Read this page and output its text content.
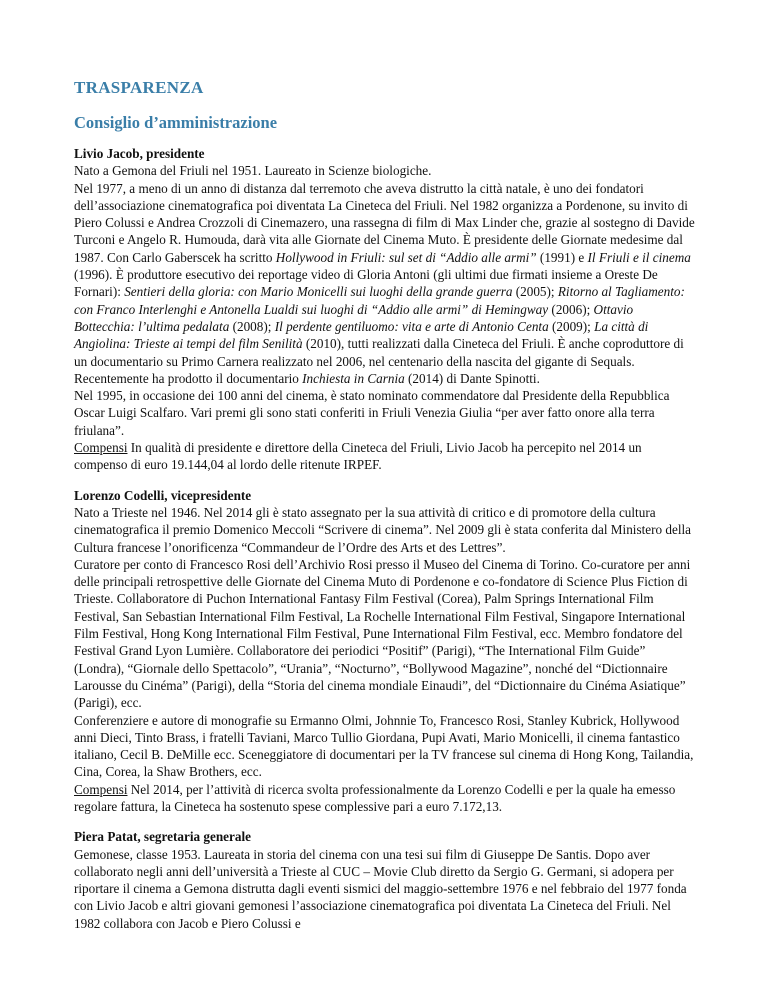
TRASPARENZA
Consiglio d’amministrazione

Livio Jacob, presidente

Nato a Gemona del Friuli nel 1951. Laureato in Scienze biologiche.

Nel 1977, a meno di un anno di distanza dal terremoto che aveva distrutto la città natale, è uno dei fondatori dell’associazione cinematografica poi diventata La Cineteca del Friuli. Nel 1982 organizza a Pordenone, su invito di Piero Colussi e Andrea Crozzoli di Cinemazero, una rassegna di film di Max Linder che, grazie al sostegno di Davide Turconi e Angelo R. Humouda, darà vita alle Giornate del Cinema Muto. È presidente delle Giornate medesime dal 1987. Con Carlo Gaberscek ha scritto Hollywood in Friuli: sul set di “Addio alle armi” (1991) e Il Friuli e il cinema (1996). È produttore esecutivo dei reportage video di Gloria Antoni (gli ultimi due firmati insieme a Oreste De Fornari): Sentieri della gloria: con Mario Monicelli sui luoghi della grande guerra (2005); Ritorno al Tagliamento: con Franco Interlenghi e Antonella Lualdi sui luoghi di “Addio alle armi” di Hemingway (2006); Ottavio Bottecchia: l’ultima pedalata (2008); Il perdente gentiluomo: vita e arte di Antonio Centa (2009); La città di Angiolina: Trieste ai tempi del film Senilità (2010), tutti realizzati dalla Cineteca del Friuli. È anche coproduttore di un documentario su Primo Carnera realizzato nel 2006, nel centenario della nascita del gigante di Sequals. Recentemente ha prodotto il documentario Inchiesta in Carnia (2014) di Dante Spinotti.

Nel 1995, in occasione dei 100 anni del cinema, è stato nominato commendatore dal Presidente della Repubblica Oscar Luigi Scalfaro. Vari premi gli sono stati conferiti in Friuli Venezia Giulia “per aver fatto onore alla terra friulana”.

Compensi In qualità di presidente e direttore della Cineteca del Friuli, Livio Jacob ha percepito nel 2014 un compenso di euro 19.144,04 al lordo delle ritenute IRPEF.

Lorenzo Codelli, vicepresidente

Nato a Trieste nel 1946. Nel 2014 gli è stato assegnato per la sua attività di critico e di promotore della cultura cinematografica il premio Domenico Meccoli “Scrivere di cinema”. Nel 2009 gli è stata conferita dal Ministero della Cultura francese l’onorificenza “Commandeur de l’Ordre des Arts et des Lettres”.

Curatore per conto di Francesco Rosi dell’Archivio Rosi presso il Museo del Cinema di Torino. Co-curatore per anni delle principali retrospettive delle Giornate del Cinema Muto di Pordenone e co-fondatore di Science Plus Fiction di Trieste. Collaboratore di Puchon International Fantasy Film Festival (Corea), Palm Springs International Film Festival, San Sebastian International Film Festival, La Rochelle International Film Festival, Singapore International Film Festival, Hong Kong International Film Festival, Pune International Film Festival, ecc. Membro fondatore del Festival Grand Lyon Lumière. Collaboratore dei periodici “Positif” (Parigi), “The International Film Guide” (Londra), “Giornale dello Spettacolo”, “Urania”, “Nocturno”, “Bollywood Magazine”, nonché del “Dictionnaire Larousse du Cinéma” (Parigi), della “Storia del cinema mondiale Einaudi”, del “Dictionnaire du Cinéma Asiatique” (Parigi), ecc.

Conferenziere e autore di monografie su Ermanno Olmi, Johnnie To, Francesco Rosi, Stanley Kubrick, Hollywood anni Dieci, Tinto Brass, i fratelli Taviani, Marco Tullio Giordana, Pupi Avati, Mario Monicelli, il cinema fantastico italiano, Cecil B. DeMille ecc. Sceneggiatore di documentari per la TV francese sul cinema di Hong Kong, Tailandia, Cina, Corea, la Shaw Brothers, ecc.

Compensi Nel 2014, per l’attività di ricerca svolta professionalmente da Lorenzo Codelli e per la quale ha emesso regolare fattura, la Cineteca ha sostenuto spese complessive pari a euro 7.172,13.

Piera Patat, segretaria generale

Gemonese, classe 1953. Laureata in storia del cinema con una tesi sui film di Giuseppe De Santis. Dopo aver collaborato negli anni dell’università a Trieste al CUC – Movie Club diretto da Sergio G. Germani, si adopera per riportare il cinema a Gemona distrutta dagli eventi sismici del maggio-settembre 1976 e nel febbraio del 1977 fonda con Livio Jacob e altri giovani gemonesi l’associazione cinematografica poi diventata La Cineteca del Friuli. Nel 1982 collabora con Jacob e Piero Colussi e
